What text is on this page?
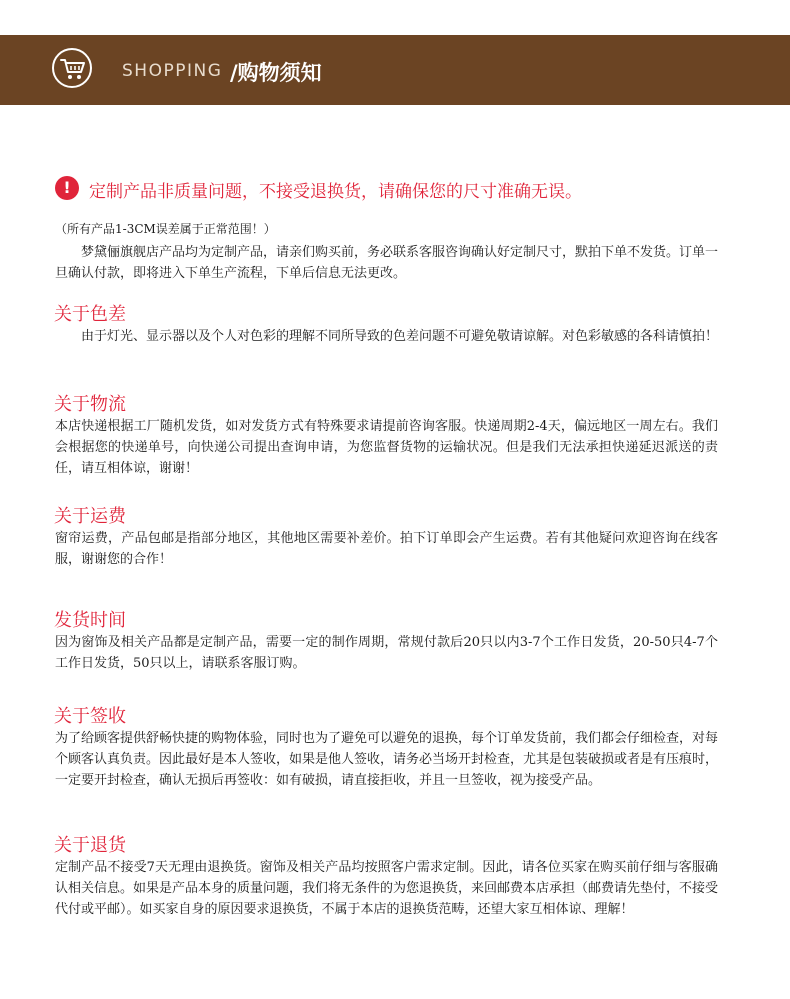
SHOPPING /购物须知
!	定制产品非质量问题，不接受退换货，请确保您的尺寸准确无误。
（所有产品1-3CM误差属于正常范围！）

梦黛俪旗舰店产品均为定制产品，请亲们购买前，务必联系客服咨询确认好定制尺寸，默拍下单不发货。订单一旦确认付款，即将进入下单生产流程，下单后信息无法更改。

关于色差

由于灯光、显示器以及个人对色彩的理解不同所导致的色差问题不可避免敬请谅解。对色彩敏感的各科请慎拍！

关于物流

本店快递根据工厂随机发货，如对发货方式有特殊要求请提前咨询客服。快递周期2-4天，偏远地区一周左右。我们会根据您的快递单号，向快递公司提出查询申请，为您监督货物的运输状况。但是我们无法承担快递延迟派送的责任，请互相体谅，谢谢！

关于运费

窗帘运费，产品包邮是指部分地区，其他地区需要补差价。拍下订单即会产生运费。若有其他疑问欢迎咨询在线客服，谢谢您的合作！

发货时间

因为窗饰及相关产品都是定制产品，需要一定的制作周期，常规付款后20只以内3-7个工作日发货，20-50只4-7个工作日发货，50只以上，请联系客服订购。

关于签收

为了给顾客提供舒畅快捷的购物体验，同时也为了避免可以避免的退换，每个订单发货前，我们都会仔细检查，对每个顾客认真负责。因此最好是本人签收，如果是他人签收，请务必当场开封检查，尤其是包装破损或者是有压痕时，一定要开封检查，确认无损后再签收：如有破损，请直接拒收，并且一旦签收，视为接受产品。

关于退货

定制产品不接受7天无理由退换货。窗饰及相关产品均按照客户需求定制。因此，请各位买家在购买前仔细与客服确认相关信息。如果是产品本身的质量问题，我们将无条件的为您退换货，来回邮费本店承担（邮费请先垫付，不接受代付或平邮）。如买家自身的原因要求退换货，不属于本店的退换货范畴，还望大家互相体谅、理解！
